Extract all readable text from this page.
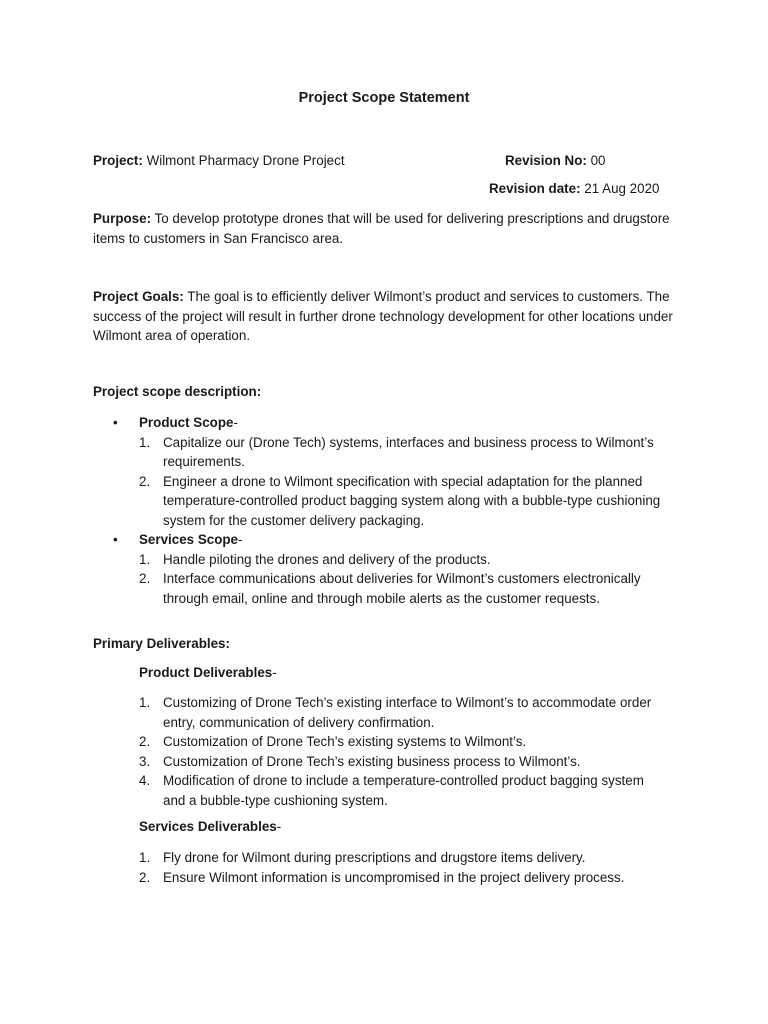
Project Scope Statement
Project: Wilmont Pharmacy Drone Project	Revision No: 00
Revision date: 21 Aug 2020
Purpose: To develop prototype drones that will be used for delivering prescriptions and drugstore items to customers in San Francisco area.
Project Goals: The goal is to efficiently deliver Wilmont’s product and services to customers. The success of the project will result in further drone technology development for other locations under Wilmont area of operation.
Project scope description:
• Product Scope-
1. Capitalize our (Drone Tech) systems, interfaces and business process to Wilmont’s requirements.
2. Engineer a drone to Wilmont specification with special adaptation for the planned temperature-controlled product bagging system along with a bubble-type cushioning system for the customer delivery packaging.
• Services Scope-
1. Handle piloting the drones and delivery of the products.
2. Interface communications about deliveries for Wilmont’s customers electronically through email, online and through mobile alerts as the customer requests.
Primary Deliverables:
Product Deliverables-
1. Customizing of Drone Tech’s existing interface to Wilmont’s to accommodate order entry, communication of delivery confirmation.
2. Customization of Drone Tech’s existing systems to Wilmont’s.
3. Customization of Drone Tech’s existing business process to Wilmont’s.
4. Modification of drone to include a temperature-controlled product bagging system and a bubble-type cushioning system.
Services Deliverables-
1. Fly drone for Wilmont during prescriptions and drugstore items delivery.
2. Ensure Wilmont information is uncompromised in the project delivery process.
